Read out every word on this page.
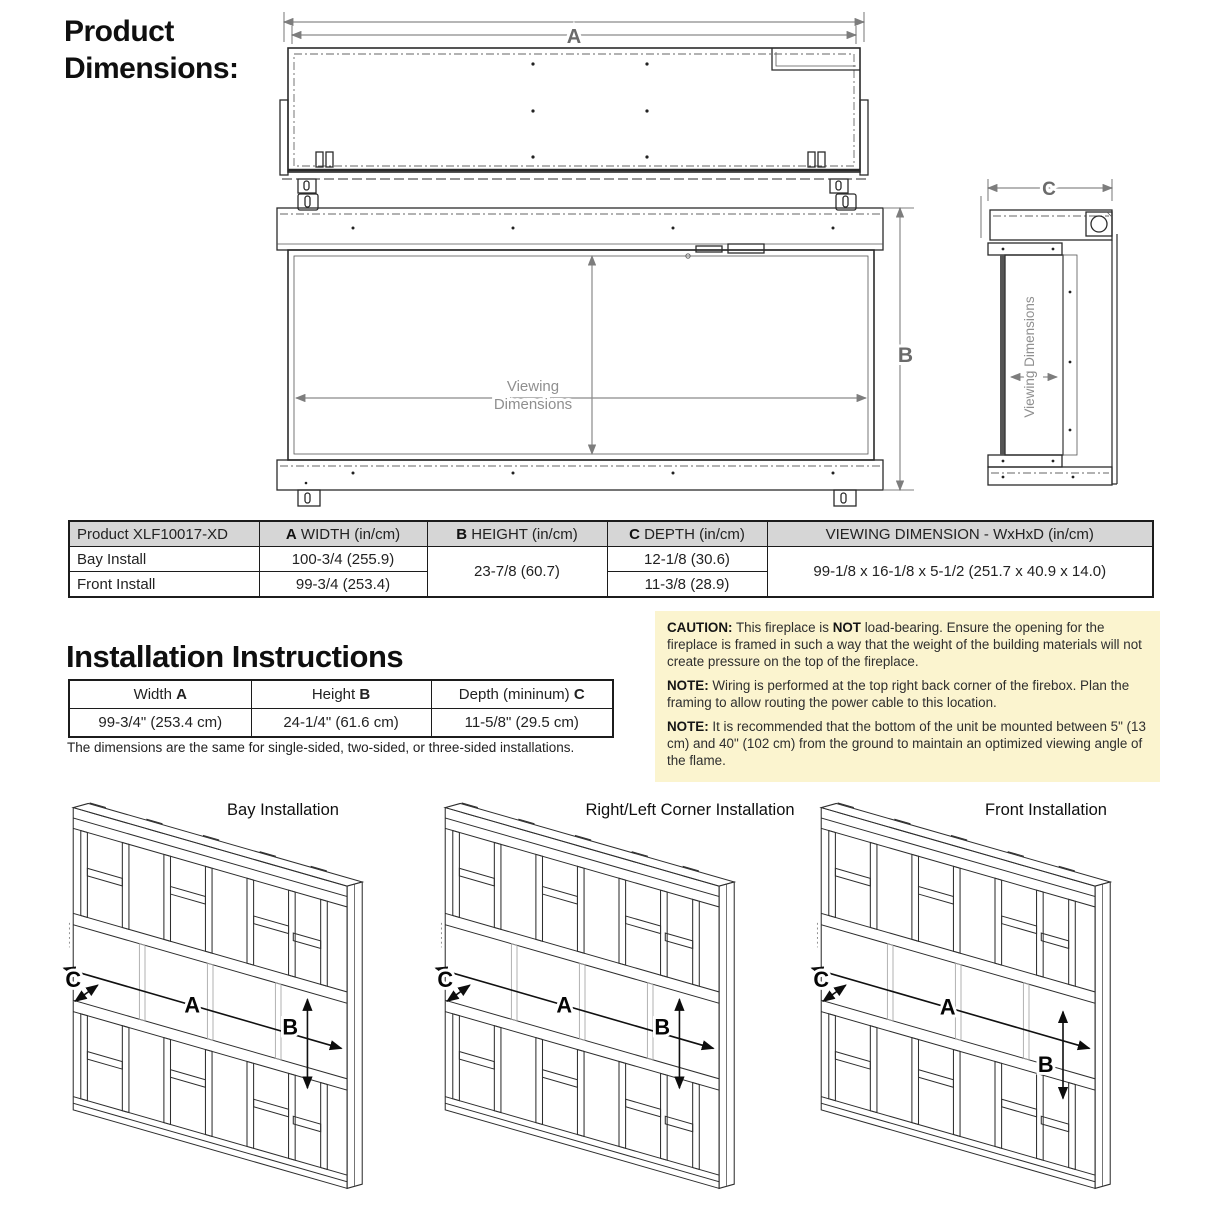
Product Dimensions:
A
Viewing
Dimensions
B
C
Viewing Dimensions
Product XLF10017-XD	A WIDTH (in/cm)	B HEIGHT (in/cm)	C DEPTH (in/cm)	VIEWING DIMENSION - WxHxD (in/cm)
Bay Install	100-3/4 (255.9)	23-7/8 (60.7)	12-1/8 (30.6)	99-1/8 x 16-1/8 x 5-1/2 (251.7 x 40.9 x 14.0)
Front Install	99-3/4 (253.4)		11-3/8 (28.9)	

CAUTION: This fireplace is NOT load-bearing. Ensure the opening for the fireplace is framed in such a way that the weight of the building materials will not create pressure on the top of the fireplace.

NOTE: Wiring is performed at the top right back corner of the firebox. Plan the framing to allow routing the power cable to this location.

NOTE: It is recommended that the bottom of the unit be mounted between 5" (13 cm) and 40" (102 cm) from the ground to maintain an optimized viewing angle of the flame.

Installation Instructions
Width A	Height B	Depth (mininum) C
99-3/4" (253.4 cm)	24-1/4" (61.6 cm)	11-5/8" (29.5 cm)
The dimensions are the same for single-sided, two-sided, or three-sided installations.
Bay Installation	Right/Left Corner Installation	Front Installation
A
B
C
A
B
C
A
B
C
